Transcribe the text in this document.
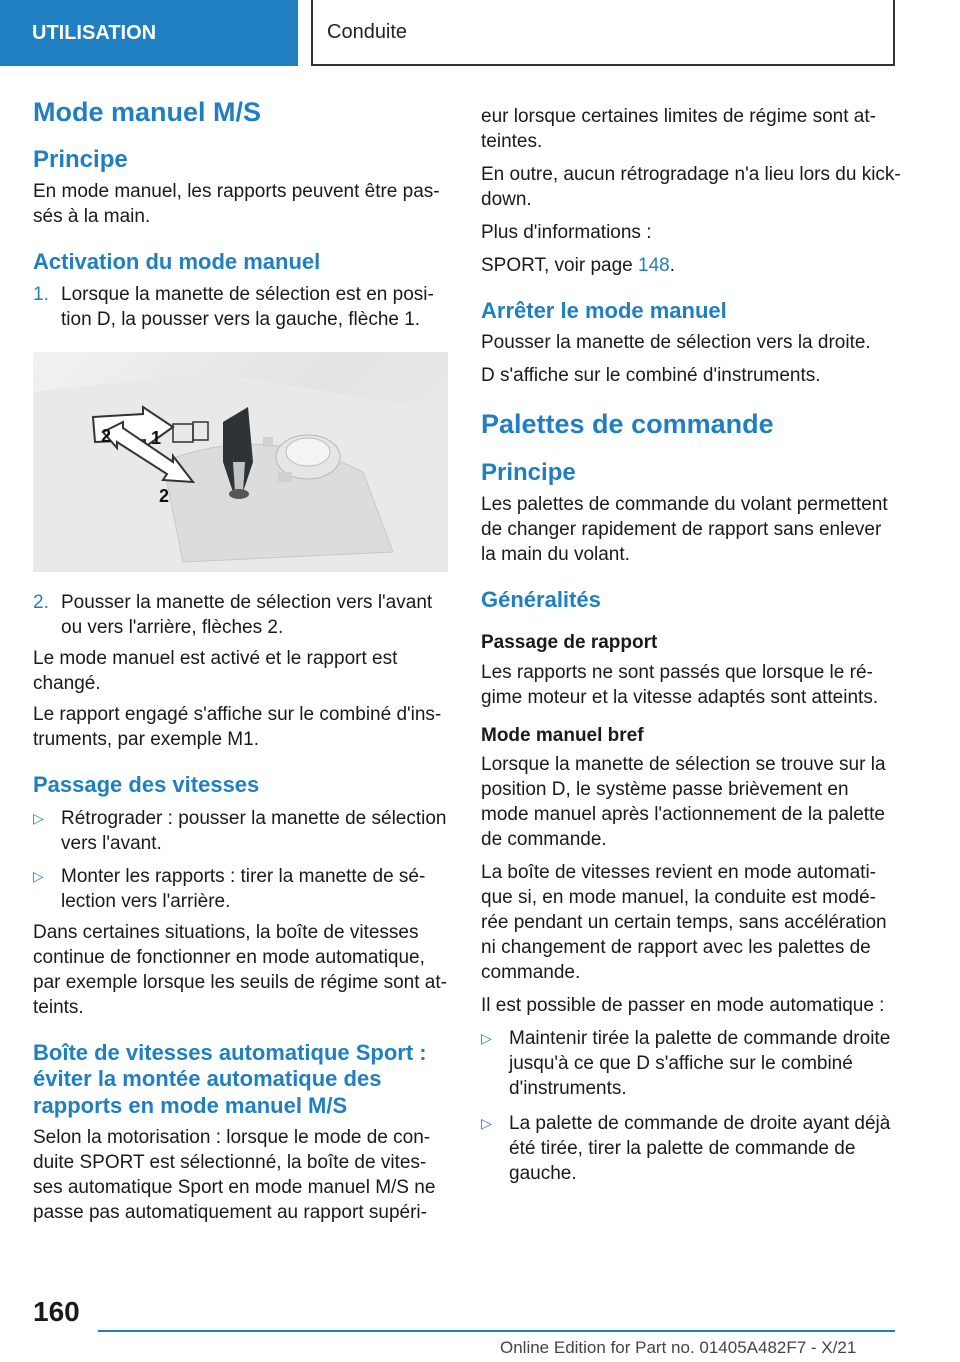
UTILISATION	Conduite
Mode manuel M/S
Principe

En mode manuel, les rapports peuvent être pas-sés à la main.

Activation du mode manuel
1. Lorsque la manette de sélection est en posi-tion D, la pousser vers la gauche, flèche 1.
2 1
2
2. Pousser la manette de sélection vers l'avant ou vers l'arrière, flèches 2.

Le mode manuel est activé et le rapport est changé.

Le rapport engagé s'affiche sur le combiné d'ins-truments, par exemple M1.

Passage des vitesses
▷ Rétrograder : pousser la manette de sélection vers l'avant.
▷ Monter les rapports : tirer la manette de sé-lection vers l'arrière.

Dans certaines situations, la boîte de vitesses continue de fonctionner en mode automatique, par exemple lorsque les seuils de régime sont at-teints.

Boîte de vitesses automatique Sport : éviter la montée automatique des rapports en mode manuel M/S

Selon la motorisation : lorsque le mode de con-duite SPORT est sélectionné, la boîte de vites-ses automatique Sport en mode manuel M/S ne passe pas automatiquement au rapport supéri-

eur lorsque certaines limites de régime sont at-teintes.

En outre, aucun rétrogradage n'a lieu lors du kick-down.

Plus d'informations :

SPORT, voir page 148.

Arrêter le mode manuel

Pousser la manette de sélection vers la droite.

D s'affiche sur le combiné d'instruments.

Palettes de commande
Principe

Les palettes de commande du volant permettent de changer rapidement de rapport sans enlever la main du volant.

Généralités
Passage de rapport

Les rapports ne sont passés que lorsque le ré-gime moteur et la vitesse adaptés sont atteints.

Mode manuel bref

Lorsque la manette de sélection se trouve sur la position D, le système passe brièvement en mode manuel après l'actionnement de la palette de commande.

La boîte de vitesses revient en mode automati-que si, en mode manuel, la conduite est modé-rée pendant un certain temps, sans accélération ni changement de rapport avec les palettes de commande.

Il est possible de passer en mode automatique :

▷ Maintenir tirée la palette de commande droite jusqu'à ce que D s'affiche sur le combiné d'instruments.
▷ La palette de commande de droite ayant déjà été tirée, tirer la palette de commande de gauche.
160
Online Edition for Part no. 01405A482F7 - X/21
